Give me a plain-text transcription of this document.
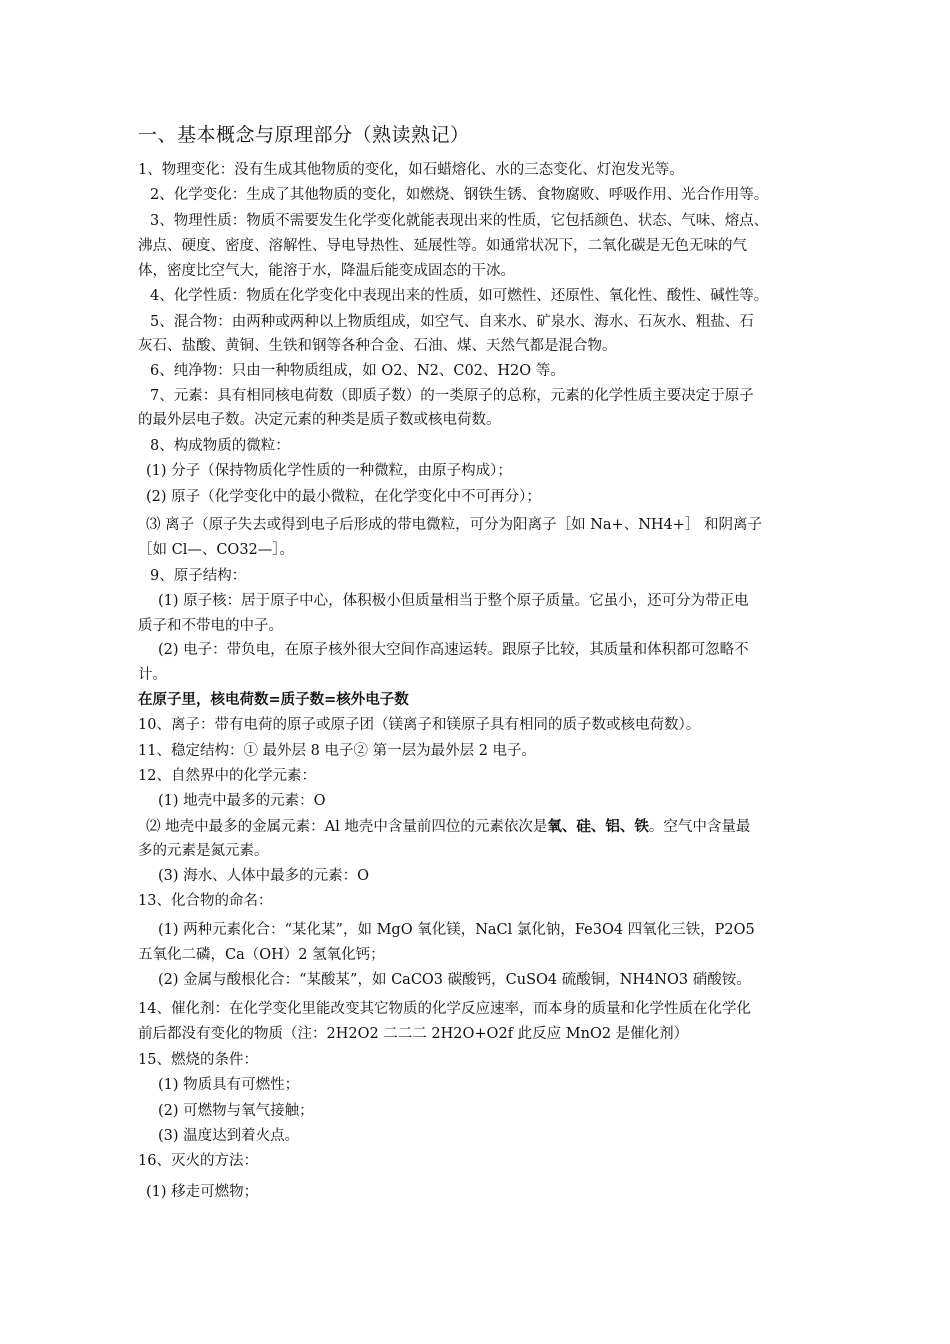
一、基本概念与原理部分（熟读熟记）
1、物理变化：没有生成其他物质的变化，如石蜡熔化、水的三态变化、灯泡发光等。
2、化学变化：生成了其他物质的变化，如燃烧、钢铁生锈、食物腐败、呼吸作用、光合作用等。
3、物理性质：物质不需要发生化学变化就能表现出来的性质，它包括颜色、状态、气味、熔点、
沸点、硬度、密度、溶解性、导电导热性、延展性等。如通常状况下，二氧化碳是无色无味的气
体，密度比空气大，能溶于水，降温后能变成固态的干冰。
4、化学性质：物质在化学变化中表现出来的性质，如可燃性、还原性、氧化性、酸性、碱性等。
5、混合物：由两种或两种以上物质组成，如空气、自来水、矿泉水、海水、石灰水、粗盐、石
灰石、盐酸、黄铜、生铁和钢等各种合金、石油、煤、天然气都是混合物。
6、纯净物：只由一种物质组成，如 O2、N2、C02、H2O 等。
7、元素：具有相同核电荷数（即质子数）的一类原子的总称，元素的化学性质主要决定于原子
的最外层电子数。决定元素的种类是质子数或核电荷数。
8、构成物质的微粒：
(1) 分子（保持物质化学性质的一种微粒，由原子构成）；
(2) 原子（化学变化中的最小微粒，在化学变化中不可再分）；
⑶ 离子（原子失去或得到电子后形成的带电微粒，可分为阳离子［如 Na+、NH4+］ 和阴离子
［如 Cl—、CO32—］。
9、原子结构：
(1) 原子核：居于原子中心，体积极小但质量相当于整个原子质量。它虽小，还可分为带正电
质子和不带电的中子。
(2) 电子：带负电，在原子核外很大空间作高速运转。跟原子比较，其质量和体积都可忽略不
计。
在原子里，核电荷数=质子数=核外电子数
10、离子：带有电荷的原子或原子团（镁离子和镁原子具有相同的质子数或核电荷数）。
11、稳定结构：① 最外层 8 电子② 第一层为最外层 2 电子。
12、自然界中的化学元素：
(1) 地壳中最多的元素：O
⑵ 地壳中最多的金属元素：Al 地壳中含量前四位的元素依次是氧、硅、铝、铁。空气中含量最
多的元素是氮元素。
(3) 海水、人体中最多的元素：O
13、化合物的命名：
(1) 两种元素化合：“某化某”，如 MgO 氧化镁，NaCl 氯化钠，Fe3O4 四氧化三铁，P2O5
五氧化二磷，Ca（OH）2 氢氧化钙；
(2) 金属与酸根化合：“某酸某”，如 CaCO3 碳酸钙，CuSO4 硫酸铜，NH4NO3 硝酸铵。
14、催化剂：在化学变化里能改变其它物质的化学反应速率，而本身的质量和化学性质在化学化
前后都没有变化的物质（注：2H2O2 二二二 2H2O+O2f 此反应 MnO2 是催化剂）
15、燃烧的条件：
(1) 物质具有可燃性；
(2) 可燃物与氧气接触；
(3) 温度达到着火点。
16、灭火的方法：
(1) 移走可燃物；
